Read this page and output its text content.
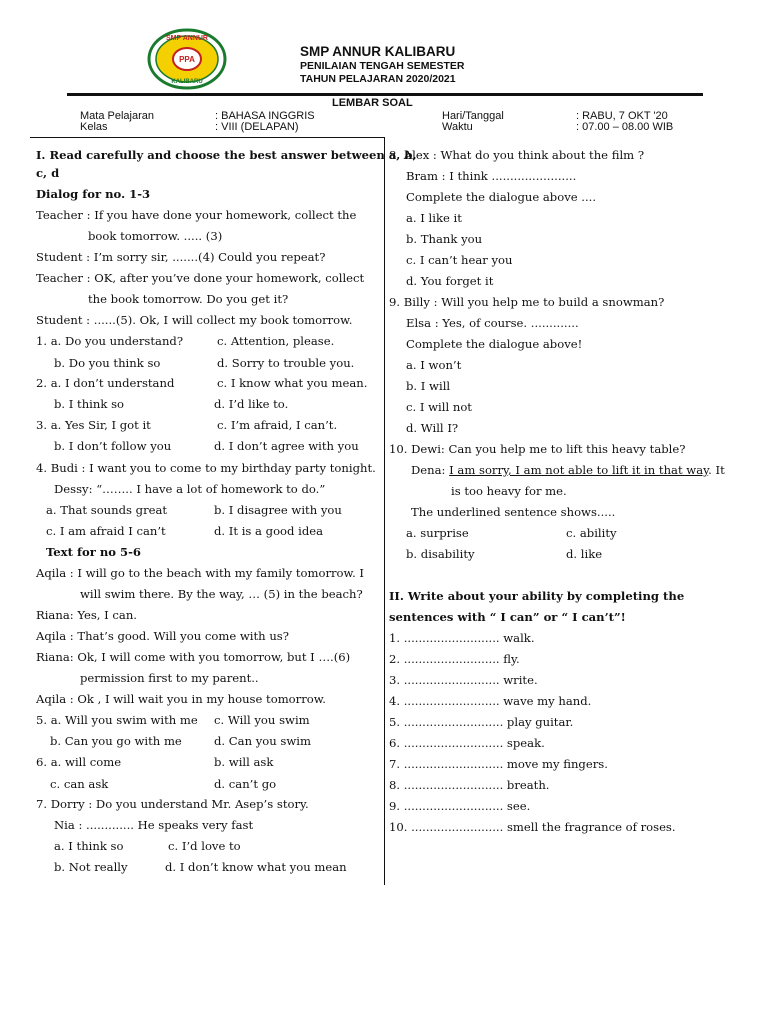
SMP ANNUR
PPA
KALIBARU
SMP ANNUR KALIBARU
PENILAIAN TENGAH SEMESTER
TAHUN PELAJARAN 2020/2021
LEMBAR SOAL
Mata Pelajaran	: BAHASA INGGRIS
Kelas	: VIII (DELAPAN)
Hari/Tanggal	: RABU, 7 OKT '20
Waktu	: 07.00 – 08.00 WIB
I. Read carefully and choose the best answer between a, b,
c, d
Dialog for no. 1-3
Teacher : If you have done your homework, collect the
book tomorrow. ..... (3)
Student : I’m sorry sir, .......(4) Could you repeat?
Teacher : OK, after you’ve done your homework, collect
the book tomorrow. Do you get it?
Student : ......(5). Ok, I will collect my book tomorrow.
1. a. Do you understand?	c. Attention, please.
b. Do you think so	d. Sorry to trouble you.
2. a. I don’t understand	c. I know what you mean.
b. I think so	d. I’d like to.
3. a. Yes Sir, I got it	c. I’m afraid, I can’t.
b. I don’t follow you	d. I don’t agree with you
4. Budi : I want you to come to my birthday party tonight.
Dessy: “…….. I have a lot of homework to do.”
a. That sounds great	b. I disagree with you
c. I am afraid I can’t	d. It is a good idea
Text for no 5-6
Aqila : I will go to the beach with my family tomorrow. I
will swim there. By the way, … (5) in the beach?
Riana: Yes, I can.
Aqila : That’s good. Will you come with us?
Riana: Ok, I will come with you tomorrow, but I ….(6)
permission first to my parent..
Aqila : Ok , I will wait you in my house tomorrow.
5. a. Will you swim with me c. Will you swim
b. Can you go with me	d. Can you swim
6. a. will come	b. will ask
c. can ask	d. can’t go
7. Dorry : Do you understand Mr. Asep’s story.
Nia : ............. He speaks very fast
a. I think so	c. I’d love to
b. Not really	d. I don’t know what you mean
8. Alex : What do you think about the film ?
Bram : I think .......................
Complete the dialogue above ....
a. I like it
b. Thank you
c. I can’t hear you
d. You forget it
9. Billy : Will you help me to build a snowman?
Elsa : Yes, of course. .............
Complete the dialogue above!
a. I won’t
b. I will
c. I will not
d. Will I?
10. Dewi: Can you help me to lift this heavy table?
Dena: I am sorry, I am not able to lift it in that way. It
is too heavy for me.
The underlined sentence shows.....
a. surprise	c. ability
b. disability	d. like
II. Write about your ability by completing the
sentences with “ I can” or “ I can’t”!
1. .......................... walk.
2. .......................... fly.
3. .......................... write.
4. .......................... wave my hand.
5. ........................... play guitar.
6. ........................... speak.
7. ........................... move my fingers.
8. ........................... breath.
9. ........................... see.
10. ......................... smell the fragrance of roses.
